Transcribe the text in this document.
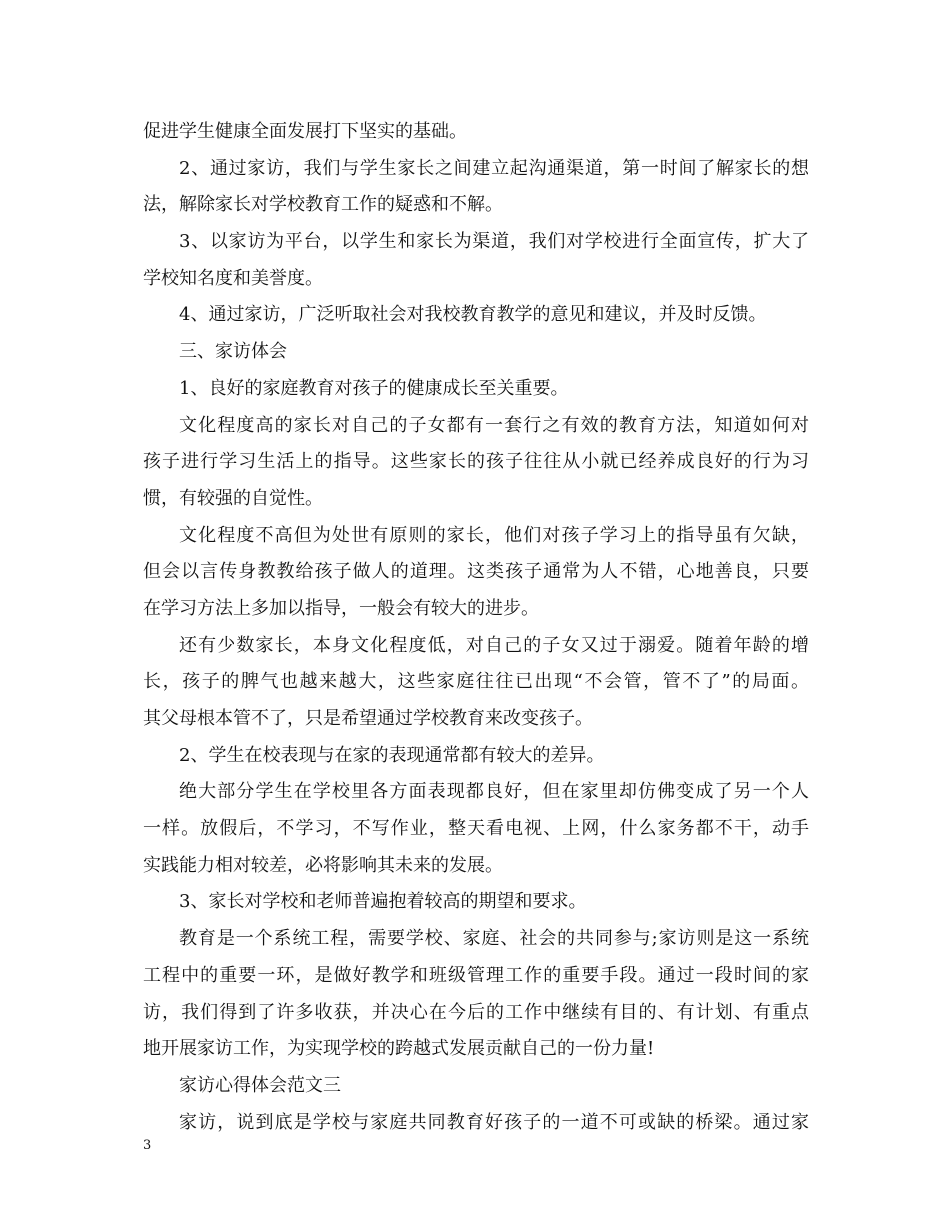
促进学生健康全面发展打下坚实的基础。
2、通过家访，我们与学生家长之间建立起沟通渠道，第一时间了解家长的想
法，解除家长对学校教育工作的疑惑和不解。
3、以家访为平台，以学生和家长为渠道，我们对学校进行全面宣传，扩大了
学校知名度和美誉度。
4、通过家访，广泛听取社会对我校教育教学的意见和建议，并及时反馈。
三、家访体会
1、良好的家庭教育对孩子的健康成长至关重要。
文化程度高的家长对自己的子女都有一套行之有效的教育方法，知道如何对
孩子进行学习生活上的指导。这些家长的孩子往往从小就已经养成良好的行为习
惯，有较强的自觉性。
文化程度不高但为处世有原则的家长，他们对孩子学习上的指导虽有欠缺，
但会以言传身教教给孩子做人的道理。这类孩子通常为人不错，心地善良，只要
在学习方法上多加以指导，一般会有较大的进步。
还有少数家长，本身文化程度低，对自己的子女又过于溺爱。随着年龄的增
长，孩子的脾气也越来越大，这些家庭往往已出现“不会管，管不了”的局面。
其父母根本管不了，只是希望通过学校教育来改变孩子。
2、学生在校表现与在家的表现通常都有较大的差异。
绝大部分学生在学校里各方面表现都良好，但在家里却仿佛变成了另一个人
一样。放假后，不学习，不写作业，整天看电视、上网，什么家务都不干，动手
实践能力相对较差，必将影响其未来的发展。
3、家长对学校和老师普遍抱着较高的期望和要求。
教育是一个系统工程，需要学校、家庭、社会的共同参与;家访则是这一系统
工程中的重要一环，是做好教学和班级管理工作的重要手段。通过一段时间的家
访，我们得到了许多收获，并决心在今后的工作中继续有目的、有计划、有重点
地开展家访工作，为实现学校的跨越式发展贡献自己的一份力量!
家访心得体会范文三
家访，说到底是学校与家庭共同教育好孩子的一道不可或缺的桥梁。通过家
3
